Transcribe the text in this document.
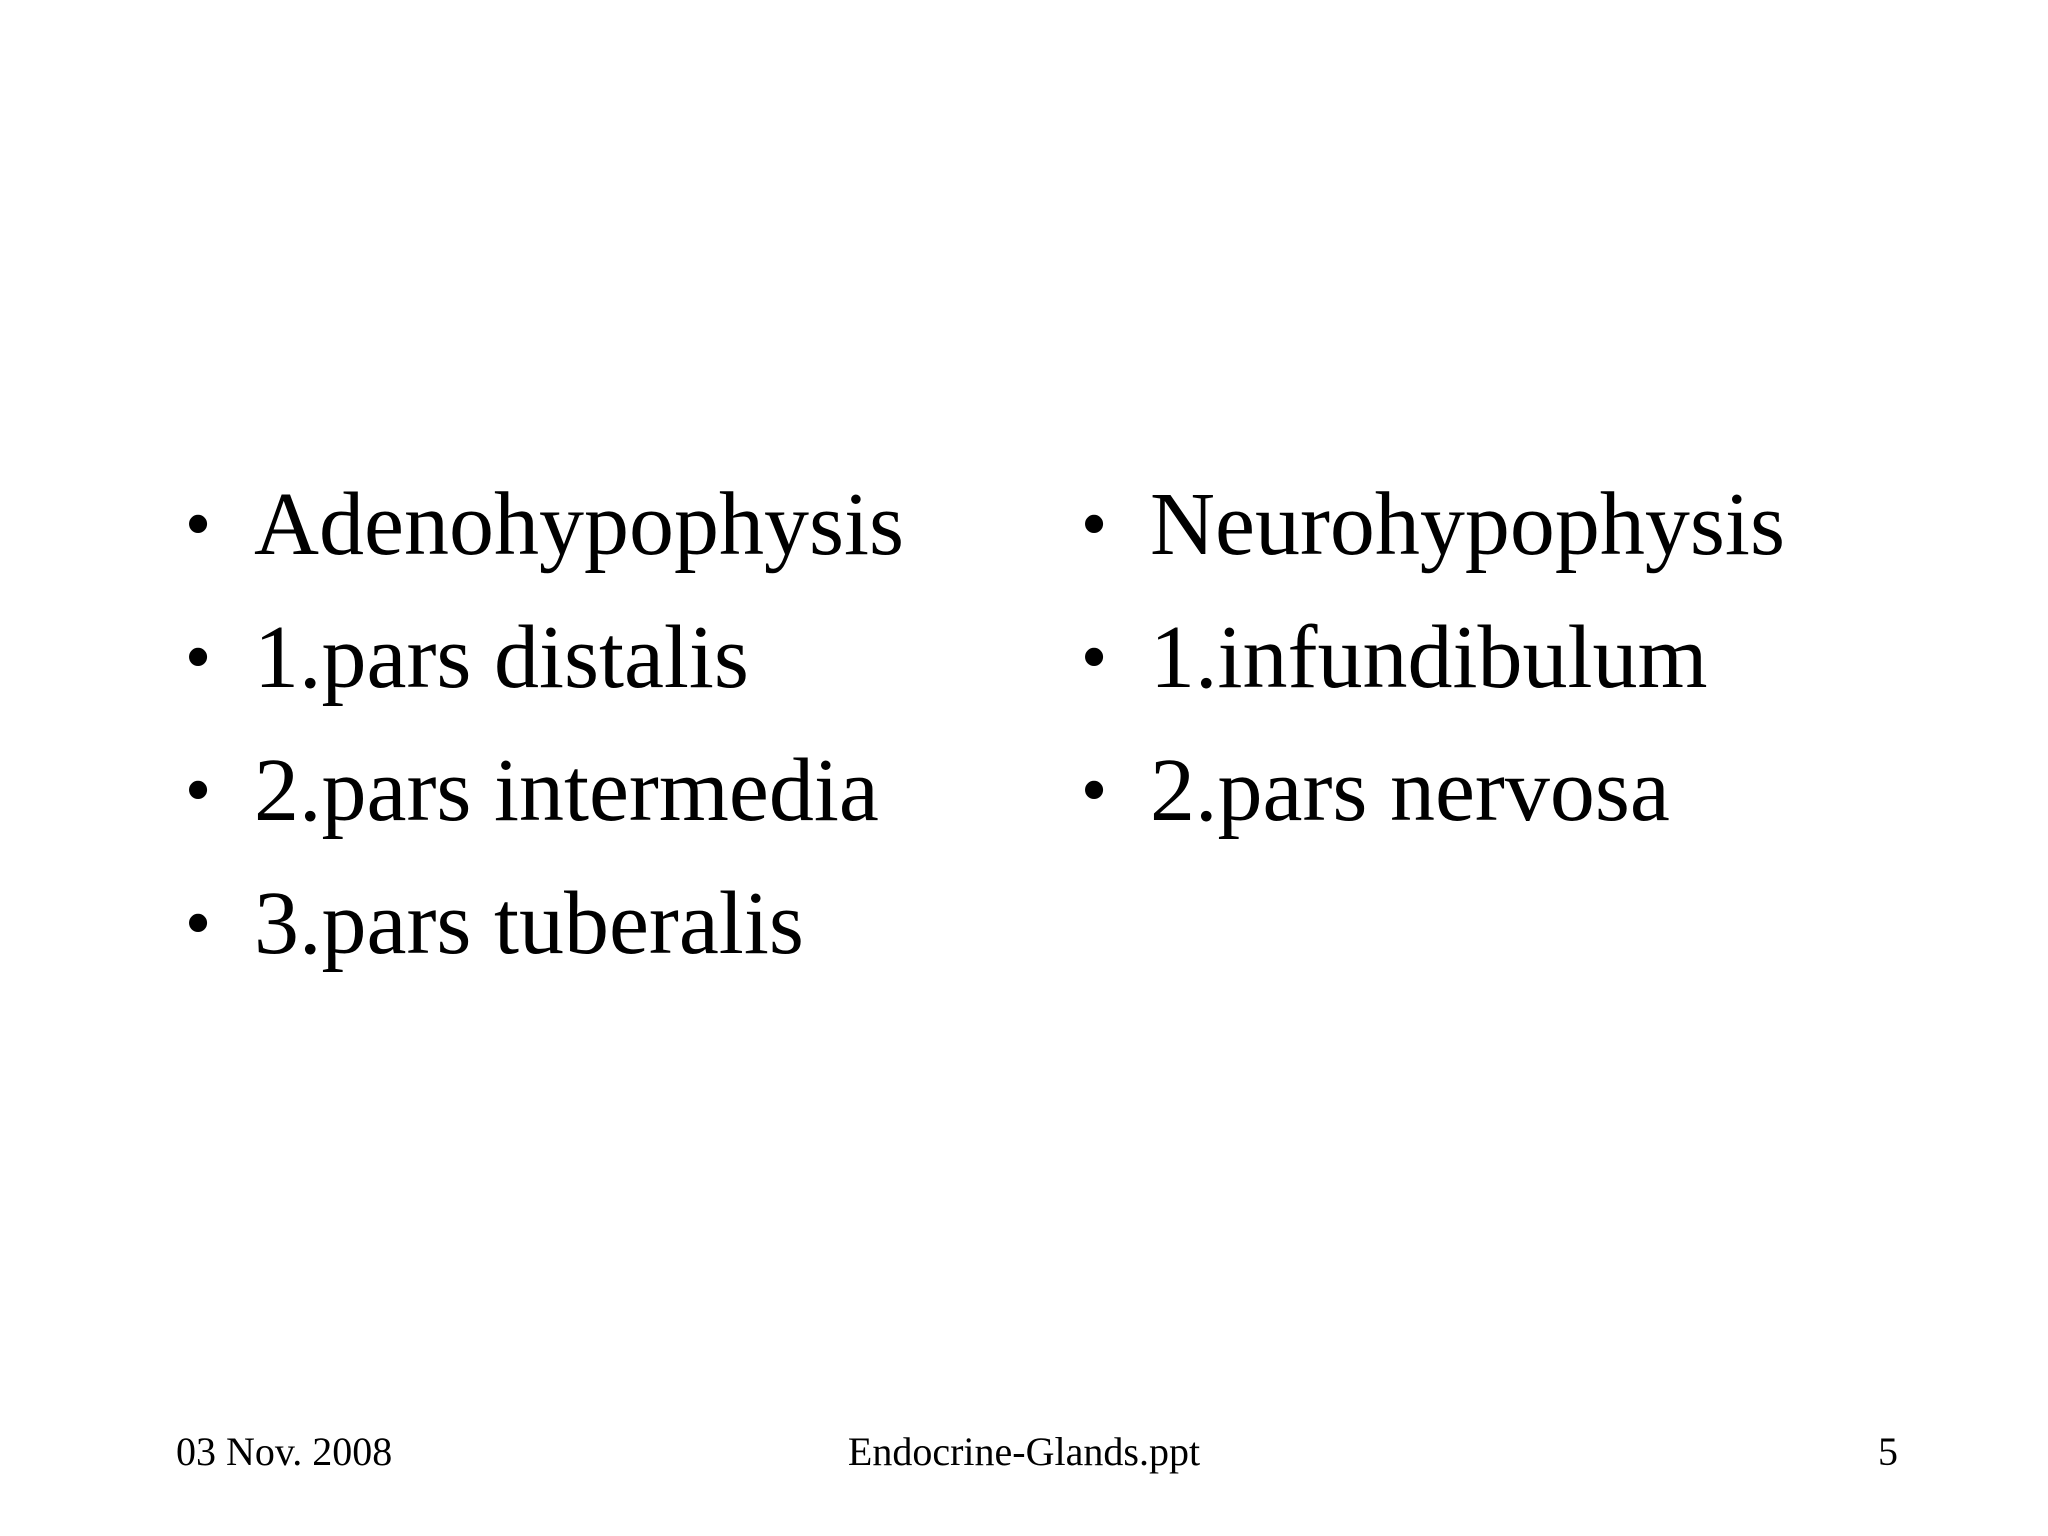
• Adenohypophysis
• 1.pars distalis
• 2.pars intermedia
• 3.pars tuberalis
• Neurohypophysis
• 1.infundibulum
• 2.pars nervosa
03 Nov. 2008	Endocrine-Glands.ppt	5
